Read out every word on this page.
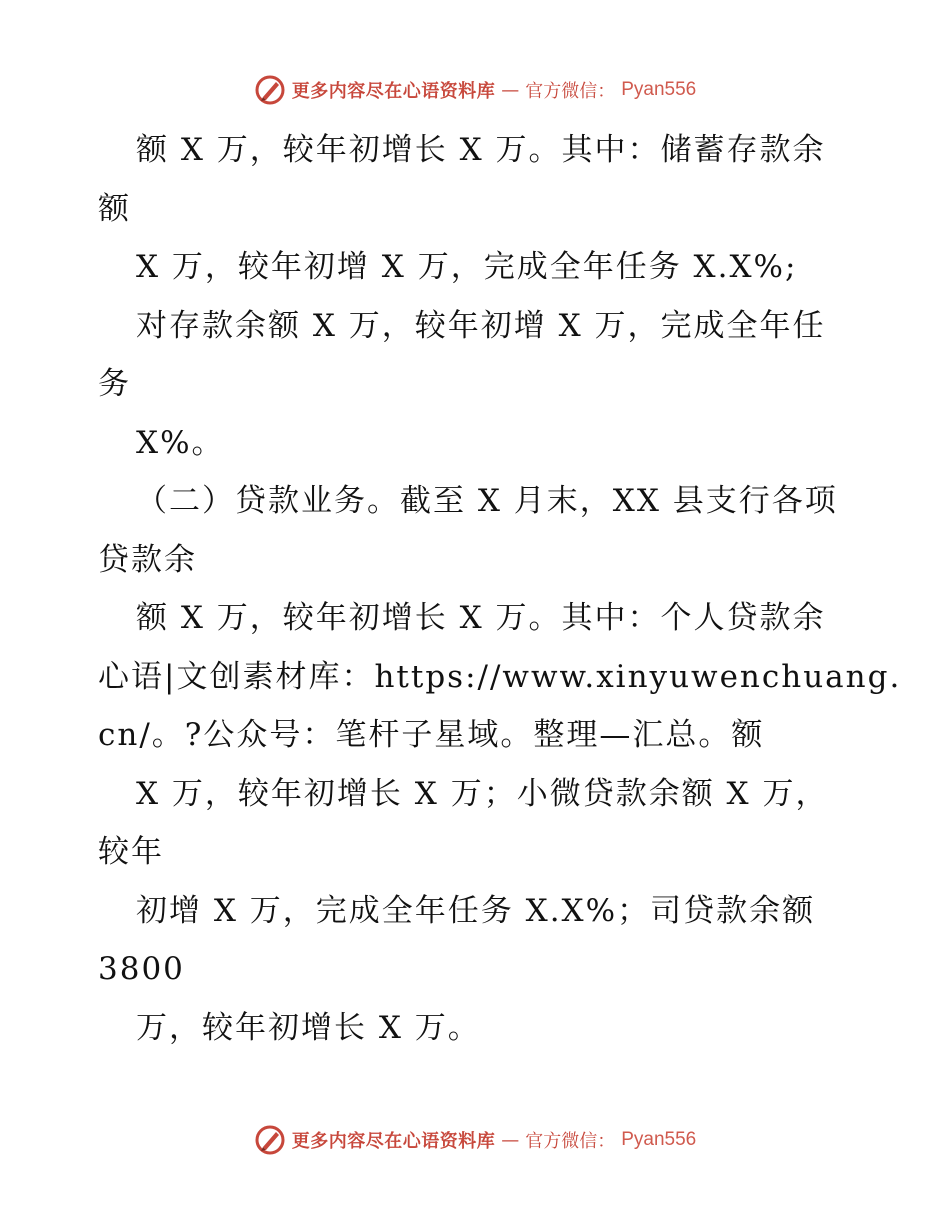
更多内容尽在心语资料库 — 官方微信： Pyan556
额 X 万，较年初增长 X 万。其中：储蓄存款余
额
X 万，较年初增 X 万，完成全年任务 X.X%;
对存款余额 X 万，较年初增 X 万，完成全年任
务
X%。
（二）贷款业务。截至 X 月末，XX 县支行各项
贷款余
额 X 万，较年初增长 X 万。其中：个人贷款余
心语|文创素材库：https://www.xinyuwenchuang.
cn/。?公众号：笔杆子星域。整理—汇总。额
X 万，较年初增长 X 万；小微贷款余额 X 万，
较年
初增 X 万，完成全年任务 X.X%；司贷款余额
3800
万，较年初增长 X 万。
更多内容尽在心语资料库 — 官方微信： Pyan556
